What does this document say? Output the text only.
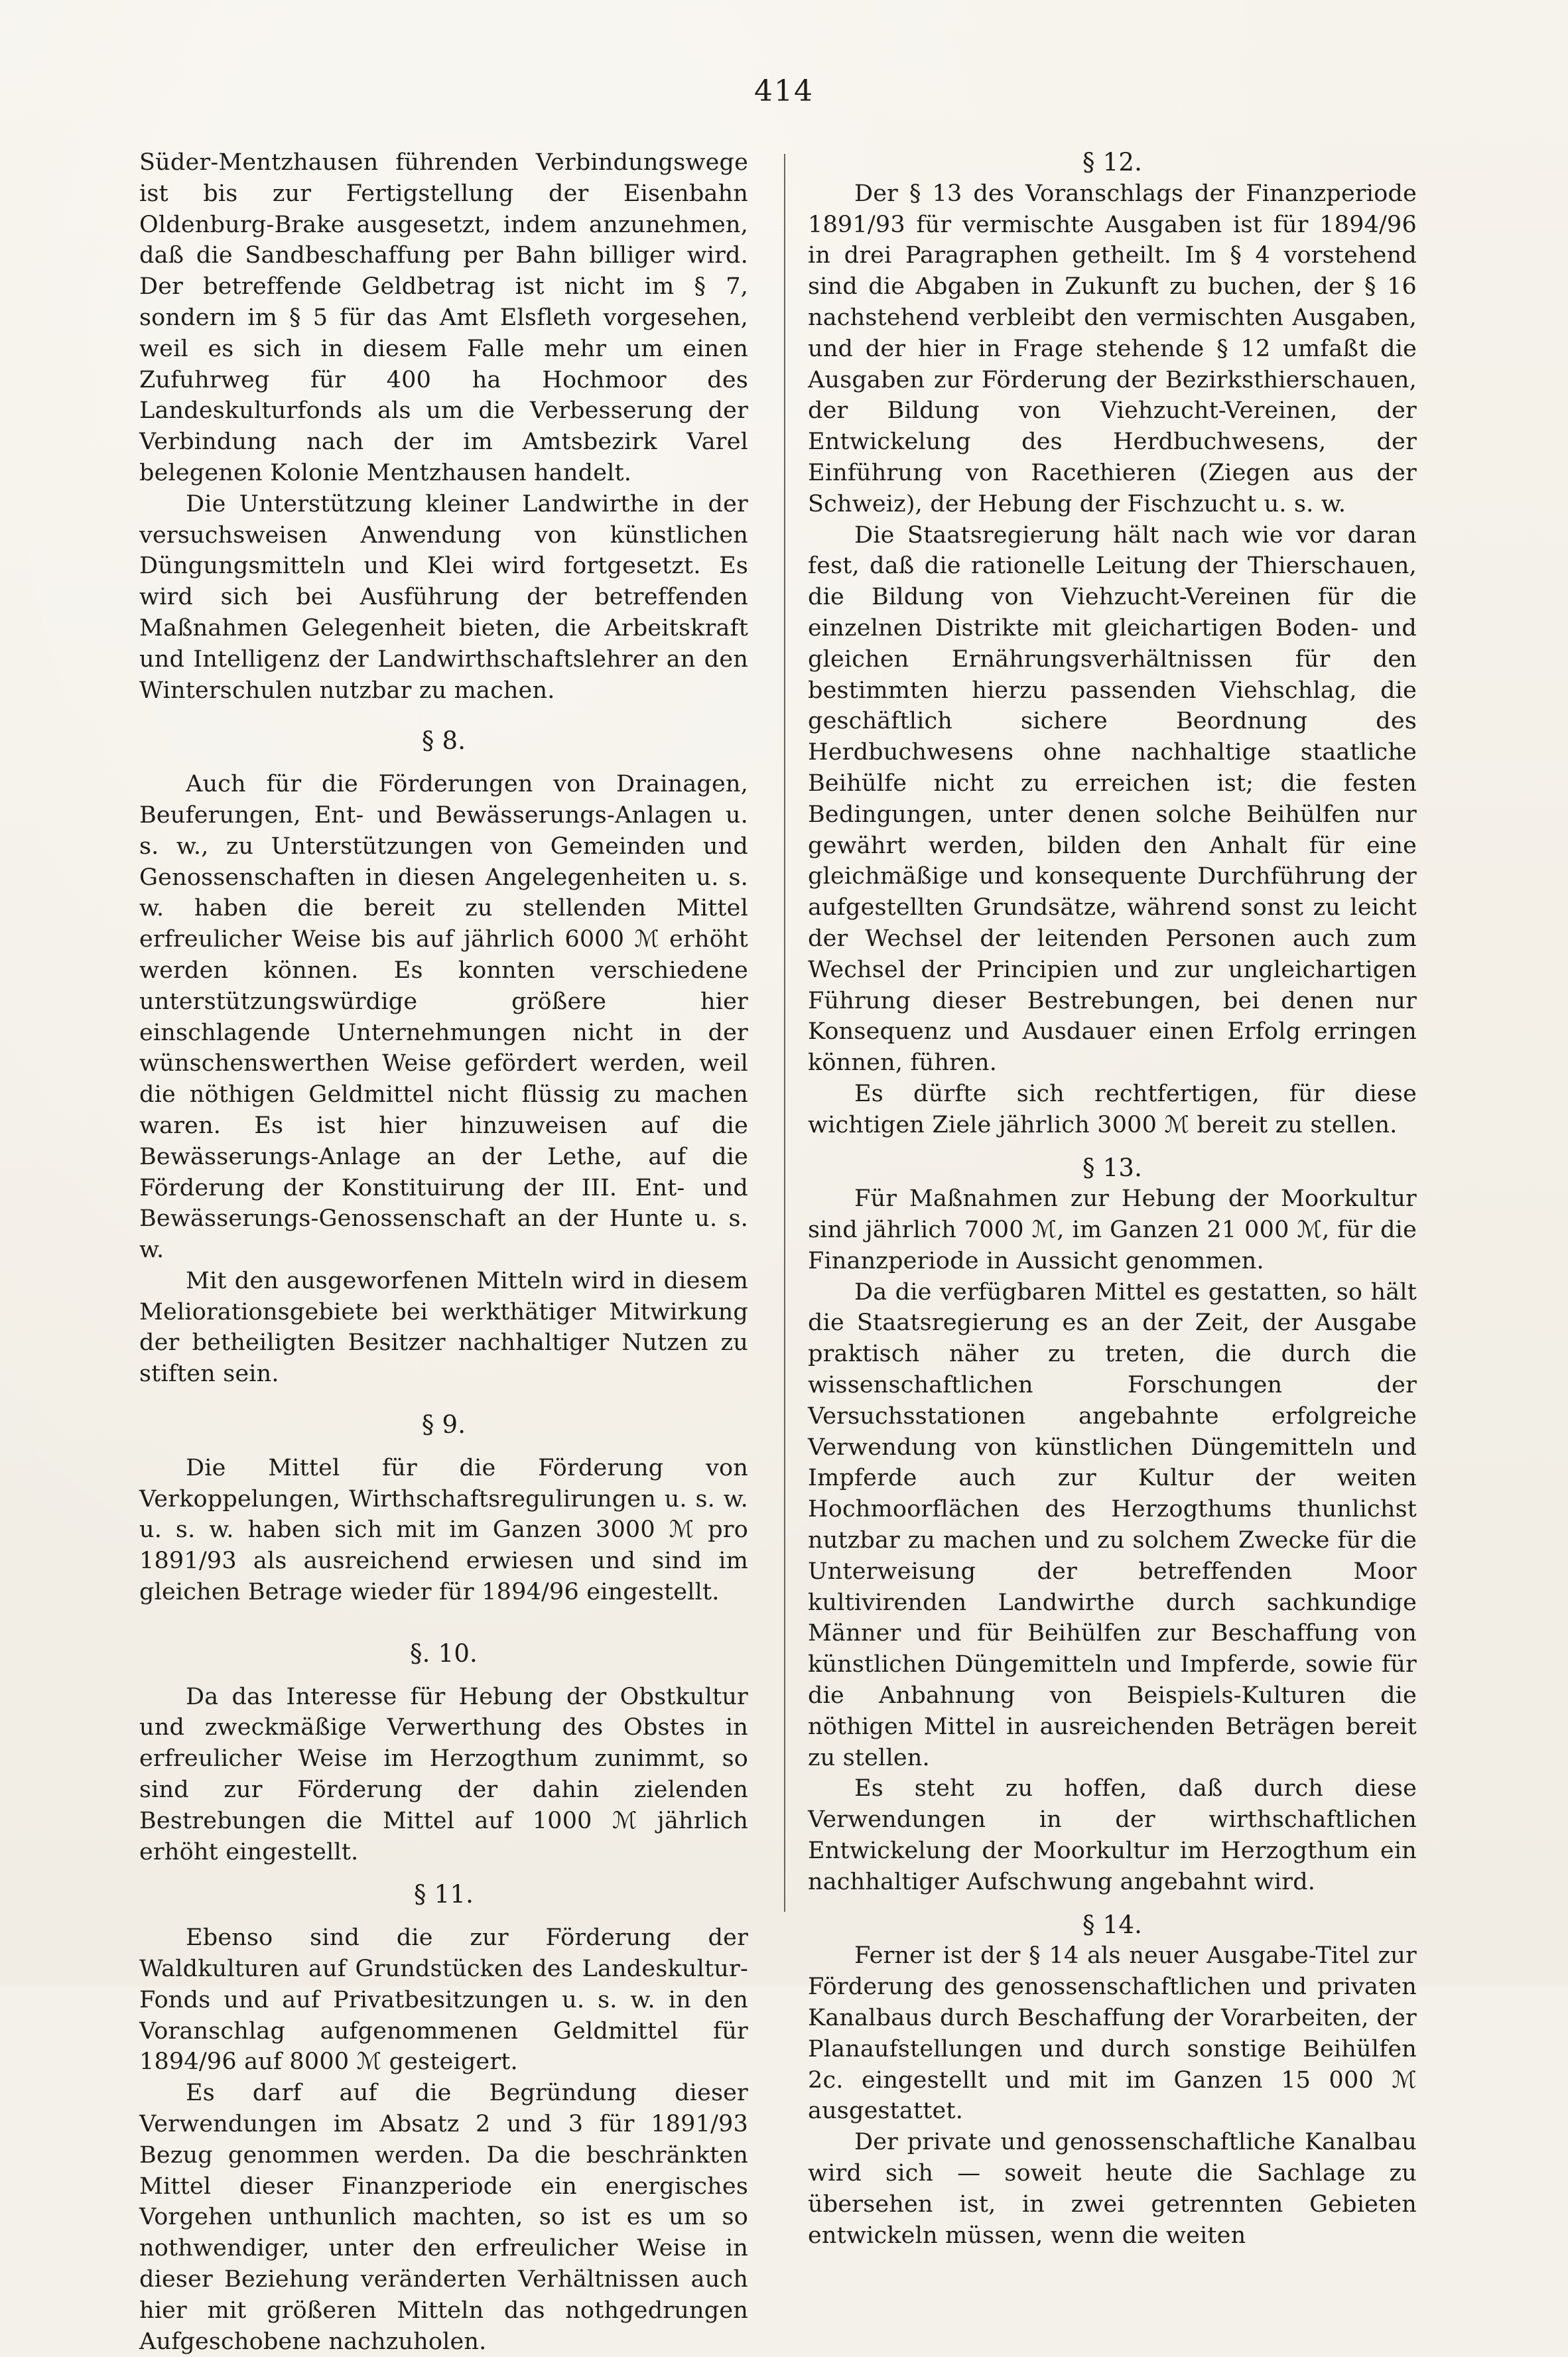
414

Süder-Mentzhausen führenden Verbindungswege ist bis zur Fertigstellung der Eisenbahn Oldenburg-Brake ausgesetzt, indem anzunehmen, daß die Sandbeschaffung per Bahn billiger wird. Der betreffende Geldbetrag ist nicht im § 7, sondern im § 5 für das Amt Elsfleth vorgesehen, weil es sich in diesem Falle mehr um einen Zufuhrweg für 400 ha Hochmoor des Landeskulturfonds als um die Verbesserung der Verbindung nach der im Amtsbezirk Varel belegenen Kolonie Mentzhausen handelt.

Die Unterstützung kleiner Landwirthe in der versuchsweisen Anwendung von künstlichen Düngungsmitteln und Klei wird fortgesetzt. Es wird sich bei Ausführung der betreffenden Maßnahmen Gelegenheit bieten, die Arbeitskraft und Intelligenz der Landwirthschaftslehrer an den Winterschulen nutzbar zu machen.

§ 8.

Auch für die Förderungen von Drainagen, Beuferungen, Ent- und Bewässerungs-Anlagen u. s. w., zu Unterstützungen von Gemeinden und Genossenschaften in diesen Angelegenheiten u. s. w. haben die bereit zu stellenden Mittel erfreulicher Weise bis auf jährlich 6000 ℳ erhöht werden können. Es konnten verschiedene unterstützungswürdige größere hier einschlagende Unternehmungen nicht in der wünschenswerthen Weise gefördert werden, weil die nöthigen Geldmittel nicht flüssig zu machen waren. Es ist hier hinzuweisen auf die Bewässerungs-Anlage an der Lethe, auf die Förderung der Konstituirung der III. Ent- und Bewässerungs-Genossenschaft an der Hunte u. s. w.

Mit den ausgeworfenen Mitteln wird in diesem Meliorationsgebiete bei werkthätiger Mitwirkung der betheiligten Besitzer nachhaltiger Nutzen zu stiften sein.

§ 9.

Die Mittel für die Förderung von Verkoppelungen, Wirthschaftsregulirungen u. s. w. u. s. w. haben sich mit im Ganzen 3000 ℳ pro 1891/93 als ausreichend erwiesen und sind im gleichen Betrage wieder für 1894/96 eingestellt.

§. 10.

Da das Interesse für Hebung der Obstkultur und zweckmäßige Verwerthung des Obstes in erfreulicher Weise im Herzogthum zunimmt, so sind zur Förderung der dahin zielenden Bestrebungen die Mittel auf 1000 ℳ jährlich erhöht eingestellt.

§ 11.

Ebenso sind die zur Förderung der Waldkulturen auf Grundstücken des Landeskultur-Fonds und auf Privatbesitzungen u. s. w. in den Voranschlag aufgenommenen Geldmittel für 1894/96 auf 8000 ℳ gesteigert.

Es darf auf die Begründung dieser Verwendungen im Absatz 2 und 3 für 1891/93 Bezug genommen werden. Da die beschränkten Mittel dieser Finanzperiode ein energisches Vorgehen unthunlich machten, so ist es um so nothwendiger, unter den erfreulicher Weise in dieser Beziehung veränderten Verhältnissen auch hier mit größeren Mitteln das nothgedrungen Aufgeschobene nachzuholen.

§ 12.

Der § 13 des Voranschlags der Finanzperiode 1891/93 für vermischte Ausgaben ist für 1894/96 in drei Paragraphen getheilt. Im § 4 vorstehend sind die Abgaben in Zukunft zu buchen, der § 16 nachstehend verbleibt den vermischten Ausgaben, und der hier in Frage stehende § 12 umfaßt die Ausgaben zur Förderung der Bezirksthierschauen, der Bildung von Viehzucht-Vereinen, der Entwickelung des Herdbuchwesens, der Einführung von Racethieren (Ziegen aus der Schweiz), der Hebung der Fischzucht u. s. w.

Die Staatsregierung hält nach wie vor daran fest, daß die rationelle Leitung der Thierschauen, die Bildung von Viehzucht-Vereinen für die einzelnen Distrikte mit gleichartigen Boden- und gleichen Ernährungsverhältnissen für den bestimmten hierzu passenden Viehschlag, die geschäftlich sichere Beordnung des Herdbuchwesens ohne nachhaltige staatliche Beihülfe nicht zu erreichen ist; die festen Bedingungen, unter denen solche Beihülfen nur gewährt werden, bilden den Anhalt für eine gleichmäßige und konsequente Durchführung der aufgestellten Grundsätze, während sonst zu leicht der Wechsel der leitenden Personen auch zum Wechsel der Principien und zur ungleichartigen Führung dieser Bestrebungen, bei denen nur Konsequenz und Ausdauer einen Erfolg erringen können, führen.

Es dürfte sich rechtfertigen, für diese wichtigen Ziele jährlich 3000 ℳ bereit zu stellen.

§ 13.

Für Maßnahmen zur Hebung der Moorkultur sind jährlich 7000 ℳ, im Ganzen 21 000 ℳ, für die Finanzperiode in Aussicht genommen.

Da die verfügbaren Mittel es gestatten, so hält die Staatsregierung es an der Zeit, der Ausgabe praktisch näher zu treten, die durch die wissenschaftlichen Forschungen der Versuchsstationen angebahnte erfolgreiche Verwendung von künstlichen Düngemitteln und Impferde auch zur Kultur der weiten Hochmoorflächen des Herzogthums thunlichst nutzbar zu machen und zu solchem Zwecke für die Unterweisung der betreffenden Moor kultivirenden Landwirthe durch sachkundige Männer und für Beihülfen zur Beschaffung von künstlichen Düngemitteln und Impferde, sowie für die Anbahnung von Beispiels-Kulturen die nöthigen Mittel in ausreichenden Beträgen bereit zu stellen.

Es steht zu hoffen, daß durch diese Verwendungen in der wirthschaftlichen Entwickelung der Moorkultur im Herzogthum ein nachhaltiger Aufschwung angebahnt wird.

§ 14.

Ferner ist der § 14 als neuer Ausgabe-Titel zur Förderung des genossenschaftlichen und privaten Kanalbaus durch Beschaffung der Vorarbeiten, der Planaufstellungen und durch sonstige Beihülfen 2c. eingestellt und mit im Ganzen 15 000 ℳ ausgestattet.

Der private und genossenschaftliche Kanalbau wird sich — soweit heute die Sachlage zu übersehen ist, in zwei getrennten Gebieten entwickeln müssen, wenn die weiten
